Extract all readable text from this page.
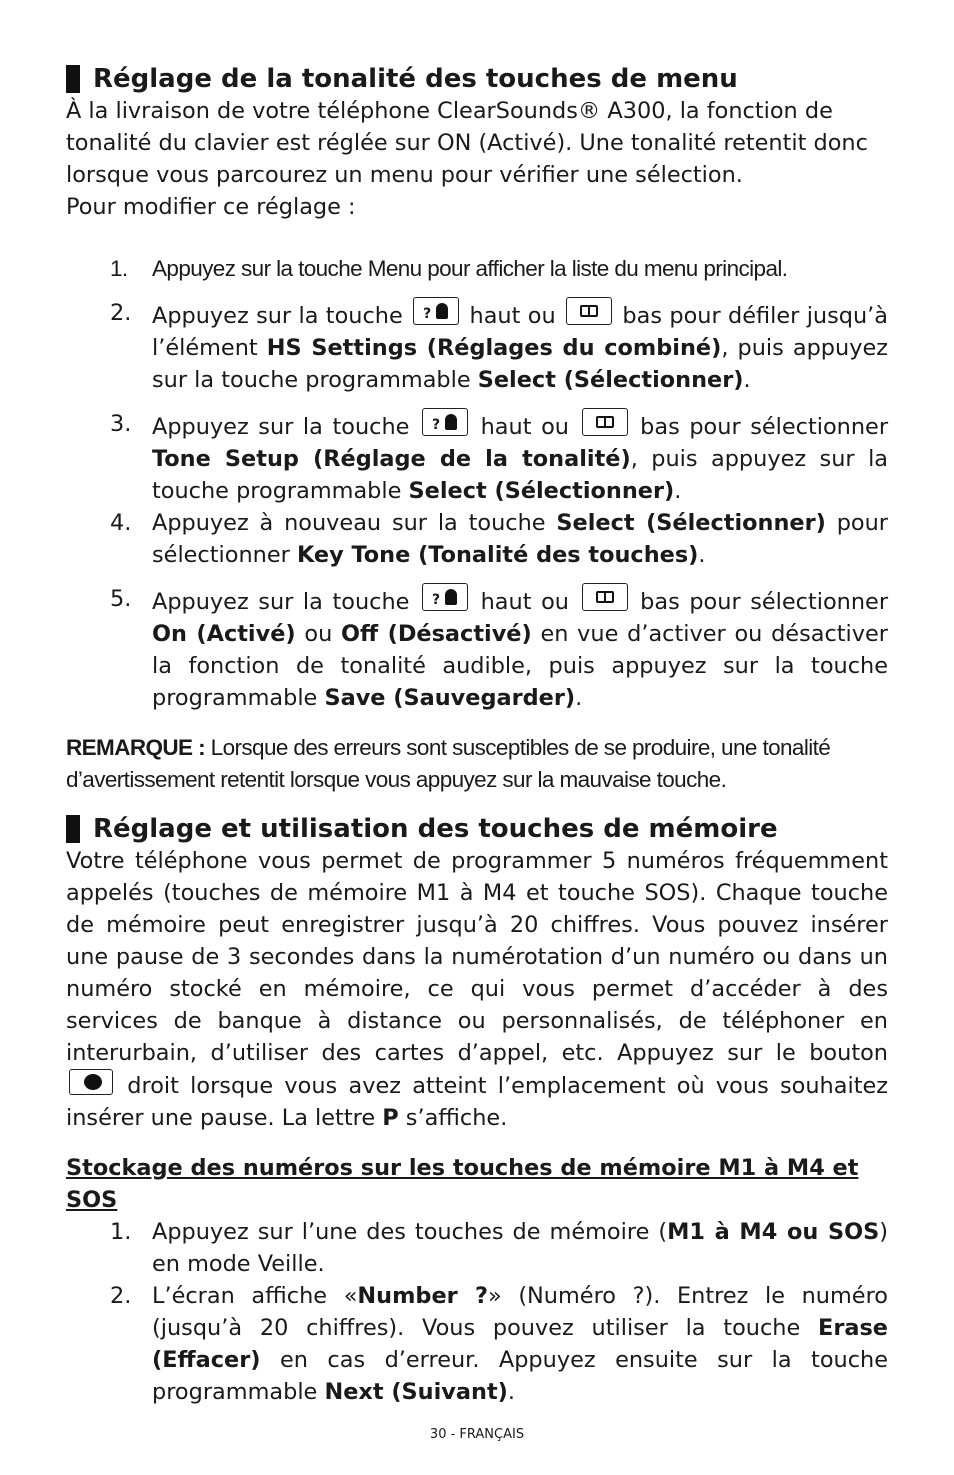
Réglage de la tonalité des touches de menu

À la livraison de votre téléphone ClearSounds® A300, la fonction de tonalité du clavier est réglée sur ON (Activé). Une tonalité retentit donc lorsque vous parcourez un menu pour vérifier une sélection.

Pour modifier ce réglage :

1. Appuyez sur la touche Menu pour afficher la liste du menu principal.
2. Appuyez sur la touche ?	haut ou	bas pour défiler jusqu’à l’élément HS Settings (Réglages du combiné), puis appuyez sur la touche programmable Select (Sélectionner).
3. Appuyez sur la touche ?	haut ou	bas pour sélectionner Tone Setup (Réglage de la tonalité), puis appuyez sur la touche programmable Select (Sélectionner).
4. Appuyez à nouveau sur la touche Select (Sélectionner) pour sélectionner Key Tone (Tonalité des touches).
5. Appuyez sur la touche ?	haut ou	bas pour sélectionner On (Activé) ou Off (Désactivé) en vue d’activer ou désactiver la fonction de tonalité audible, puis appuyez sur la touche programmable Save (Sauvegarder).

REMARQUE : Lorsque des erreurs sont susceptibles de se produire, une tonalité d’avertissement retentit lorsque vous appuyez sur la mauvaise touche.

Réglage et utilisation des touches de mémoire

Votre téléphone vous permet de programmer 5 numéros fréquemment appelés (touches de mémoire M1 à M4 et touche SOS). Chaque touche de mémoire peut enregistrer jusqu’à 20 chiffres. Vous pouvez insérer une pause de 3 secondes dans la numérotation d’un numéro ou dans un numéro stocké en mémoire, ce qui vous permet d’accéder à des services de banque à distance ou personnalisés, de téléphoner en interurbain, d’utiliser des cartes d’appel, etc. Appuyez sur le bouton  droit lorsque vous avez atteint l’emplacement où vous souhaitez insérer une pause. La lettre P s’affiche.

Stockage des numéros sur les touches de mémoire M1 à M4 et SOS

1. Appuyez sur l’une des touches de mémoire (M1 à M4 ou SOS) en mode Veille.
2. L’écran affiche «Number ?» (Numéro ?). Entrez le numéro (jusqu’à 20 chiffres). Vous pouvez utiliser la touche Erase (Effacer) en cas d’erreur. Appuyez ensuite sur la touche programmable Next (Suivant).
30 - FRANÇAIS
